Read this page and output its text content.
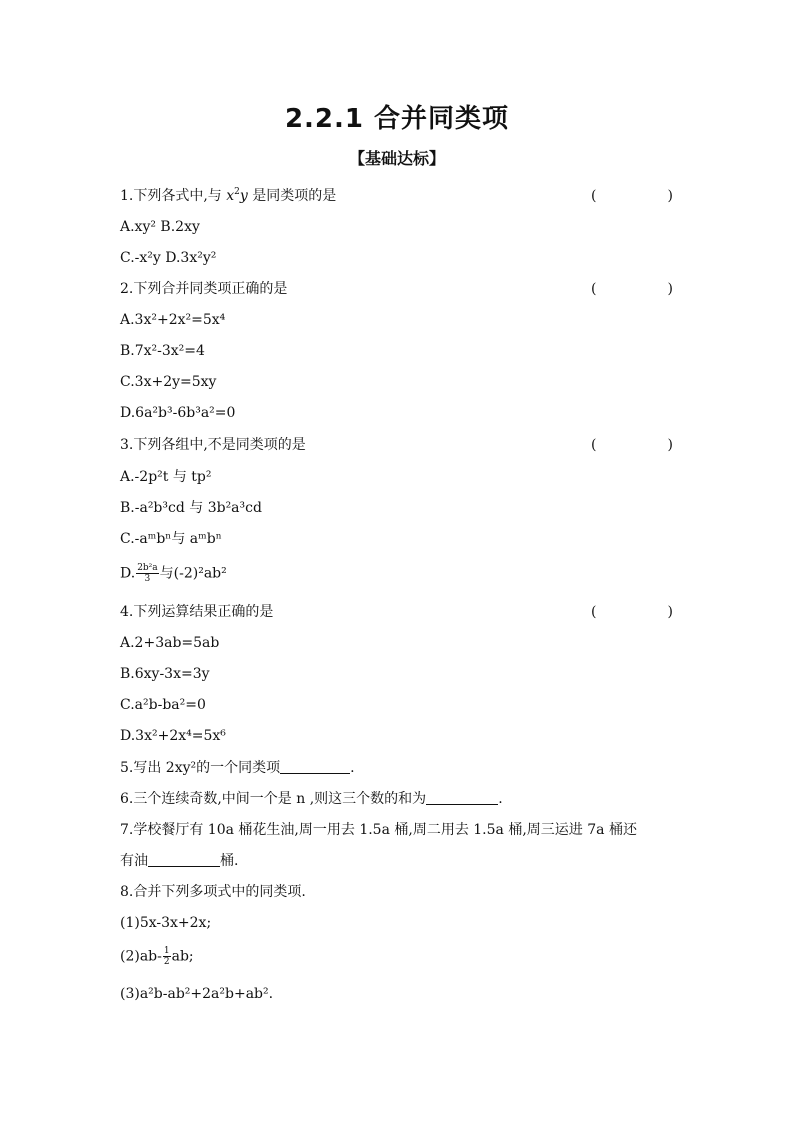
2.2.1 合并同类项
【基础达标】
1.下列各式中,与 $x^2y$ 是同类项的是	(	)
A.xy² B.2xy
C.-x²y D.3x²y²
2.下列合并同类项正确的是	(	)
A.3x²+2x²=5x⁴
B.7x²-3x²=4
C.3x+2y=5xy
D.6a²b³-6b³a²=0
3.下列各组中,不是同类项的是	(	)
A.-2p²t 与 tp²
B.-a²b³cd 与 3b²a³cd
C.-aᵐbⁿ与 aᵐbⁿ
D. $\frac{\text{2b²a}}{3}$ 与(-2)²ab²
4.下列运算结果正确的是	(	)
A.2+3ab=5ab
B.6xy-3x=3y
C.a²b-ba²=0
D.3x²+2x⁴=5x⁶
5.写出 2xy²的一个同类项	.
6.三个连续奇数,中间一个是 n ,则这三个数的和为	.
7.学校餐厅有 10a 桶花生油,周一用去 1.5a 桶,周二用去 1.5a 桶,周三运进 7a 桶还
有油	桶.
8.合并下列多项式中的同类项.
(1)5x-3x+2x;
$(2)ab- \frac{1}{2}$ ab;
(3)a²b-ab²+2a²b+ab².
